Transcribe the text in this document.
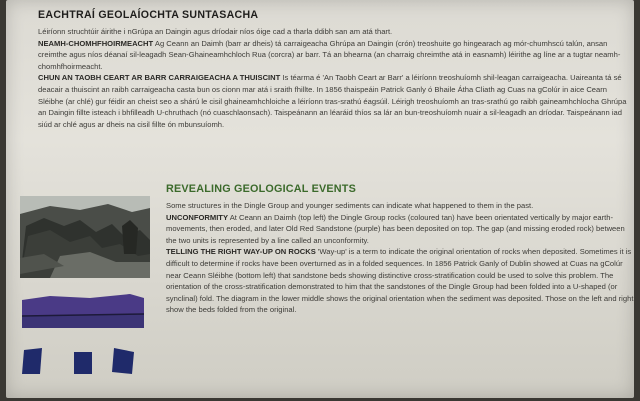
EACHTRAÍ GEOLAÍOCHTA SUNTASACHA

Léiríonn struchtúir áirithe i nGrúpa an Daingin agus dríodair níos óige cad a tharla ddibh san am atá thart.

NEAMH-CHOMHFHOIRMEACHT Ag Ceann an Daimh (barr ar dheis) tá carraigeacha Ghrúpa an Daingin (crón) treoshuite go hingearach ag mór-chumhscú talún, ansan creimthe agus níos déanaí sil-leagadh Sean-Ghaineamhchloch Rua (corcra) ar barr. Tá an bhearna (an charraig chreimthe atá in easnamh) léirithe ag líne ar a tugtar neamh-chomhfhoirmeacht.

CHUN AN TAOBH CEART AR BARR CARRAIGEACHA A THUISCINT Is téarma é 'An Taobh Ceart ar Barr' a léiríonn treoshuíomh shil-leagan carraigeacha. Uaireanta tá sé deacair a thuiscint an raibh carraigeacha casta bun os cionn mar atá i sraith fhillte. In 1856 thaispeáin Patrick Ganly ó Bhaile Átha Cliath ag Cuas na gColúr in aice Cearn Sléibhe (ar chlé) gur féidir an cheist seo a shárú le cisil ghaineamhchloiche a léiríonn tras-srathú éagsúil. Léirigh treoshuíomh an tras-srathú go raibh gaineamhchlocha Ghrúpa an Daingin fillte isteach i bhfilleadh U-chruthach (nó cuaschlaonsach). Taispeánann an léaráid thíos sa lár an bun-treoshuíomh nuair a sil-leagadh an dríodar. Taispeánann iad siúd ar chlé agus ar dheis na cisil fillte ón mbunsuíomh.

REVEALING GEOLOGICAL EVENTS

Some structures in the Dingle Group and younger sediments can indicate what happened to them in the past.

UNCONFORMITY At Ceann an Daimh (top left) the Dingle Group rocks (coloured tan) have been orientated vertically by major earth-movements, then eroded, and later Old Red Sandstone (purple) has been deposited on top. The gap (and missing eroded rock) between the two units is represented by a line called an unconformity.

TELLING THE RIGHT WAY-UP ON ROCKS 'Way-up' is a term to indicate the original orientation of rocks when deposited. Sometimes it is difficult to determine if rocks have been overturned as in a folded sequences. In 1856 Patrick Ganly of Dublin showed at Cuas na gColúr near Ceann Sléibhe (bottom left) that sandstone beds showing distinctive cross-stratification could be used to solve this problem. The orientation of the cross-stratification demonstrated to him that the sandstones of the Dingle Group had been folded into a U-shaped (or synclinal) fold. The diagram in the lower middle shows the original orientation when the sediment was deposited. Those on the left and right show the beds folded from the original.
